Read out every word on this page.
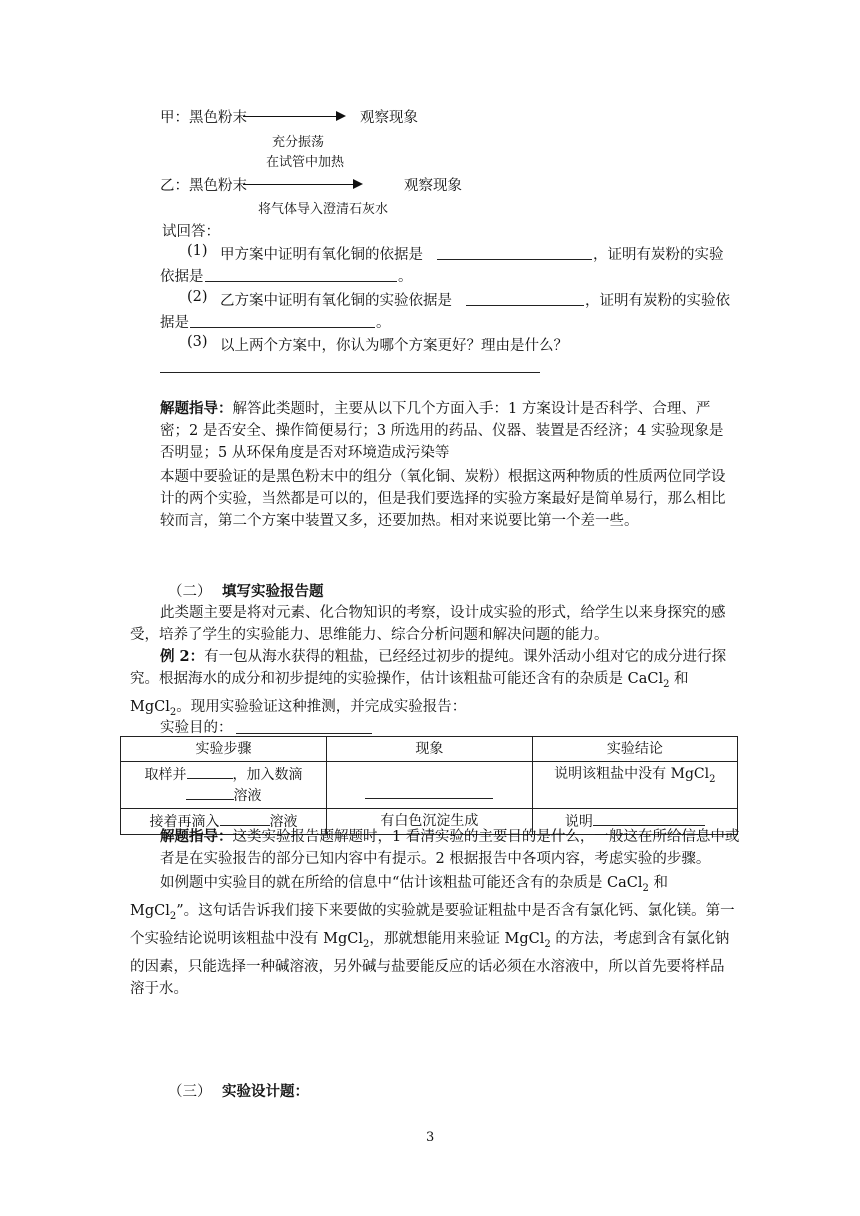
甲：黑色粉末	观察现象
充分振荡
在试管中加热
乙：黑色粉末	观察现象
将气体导入澄清石灰水
试回答：
(1) 甲方案中证明有氧化铜的依据是	，证明有炭粉的实验
依据是	。
(2) 乙方案中证明有氧化铜的实验依据是	，证明有炭粉的实验依
据是	。
(3) 以上两个方案中，你认为哪个方案更好？理由是什么？
解题指导：解答此类题时，主要从以下几个方面入手：1 方案设计是否科学、合理、严密；2 是否安全、操作简便易行；3 所选用的药品、仪器、装置是否经济；4 实验现象是否明显；5 从环保角度是否对环境造成污染等
本题中要验证的是黑色粉末中的组分（氧化铜、炭粉）根据这两种物质的性质两位同学设计的两个实验，当然都是可以的，但是我们要选择的实验方案最好是简单易行，那么相比较而言，第二个方案中装置又多，还要加热。相对来说要比第一个差一些。
（二） 填写实验报告题
此类题主要是将对元素、化合物知识的考察，设计成实验的形式，给学生以来身探究的感受，培养了学生的实验能力、思维能力、综合分析问题和解决问题的能力。
例 2：有一包从海水获得的粗盐，已经经过初步的提纯。课外活动小组对它的成分进行探究。根据海水的成分和初步提纯的实验操作，估计该粗盐可能还含有的杂质是 CaCl$_2$ 和 MgCl$_2$。现用实验验证这种推测，并完成实验报告：
实验目的：
实验步骤	现象	实验结论
取样并 ，加入数滴
溶液		说明该粗盐中没有 MgCl$_2$
接着再滴入 溶液	有白色沉淀生成	说明
解题指导：这类实验报告题解题时，1 看清实验的主要目的是什么，一般这在所给信息中或者是在实验报告的部分已知内容中有提示。2 根据报告中各项内容，考虑实验的步骤。
如例题中实验目的就在所给的信息中“估计该粗盐可能还含有的杂质是 CaCl$_2$ 和 MgCl$_2$”。这句话告诉我们接下来要做的实验就是要验证粗盐中是否含有氯化钙、氯化镁。第一个实验结论说明该粗盐中没有 MgCl$_2$，那就想能用来验证 MgCl$_2$ 的方法，考虑到含有氯化钠的因素，只能选择一种碱溶液，另外碱与盐要能反应的话必须在水溶液中，所以首先要将样品溶于水。
（三） 实验设计题：
3
